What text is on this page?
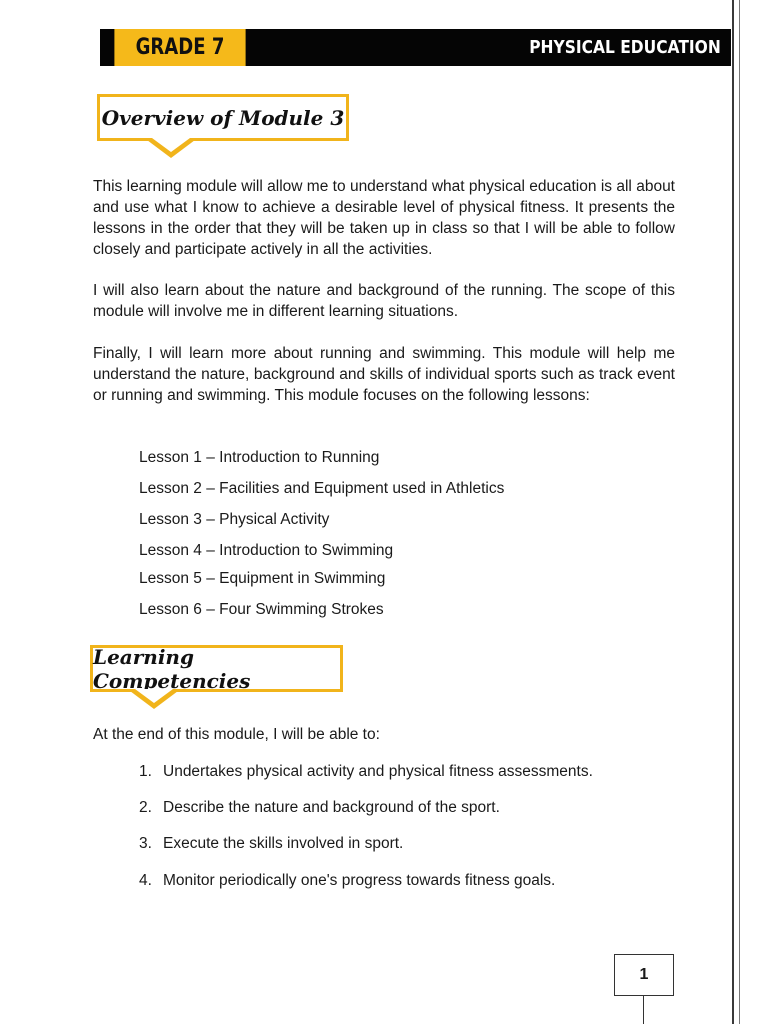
GRADE 7	PHYSICAL EDUCATION
Overview of Module 3

This learning module will allow me to understand what physical education is all about and use what I know to achieve a desirable level of physical fitness. It presents the lessons in the order that they will be taken up in class so that I will be able to follow closely and participate actively in all the activities.

I will also learn about the nature and background of the running. The scope of this module will involve me in different learning situations.

Finally, I will learn more about running and swimming. This module will help me understand the nature, background and skills of individual sports such as track event or running and swimming. This module focuses on the following lessons:

Lesson 1 – Introduction to Running

Lesson 2 – Facilities and Equipment used in Athletics

Lesson 3 – Physical Activity

Lesson 4 – Introduction to Swimming

Lesson 5 – Equipment in Swimming

Lesson 6 – Four Swimming Strokes

Learning Competencies

At the end of this module, I will be able to:

1. Undertakes physical activity and physical fitness assessments.

2. Describe the nature and background of the sport.

3. Execute the skills involved in sport.

4. Monitor periodically one's progress towards fitness goals.

1
